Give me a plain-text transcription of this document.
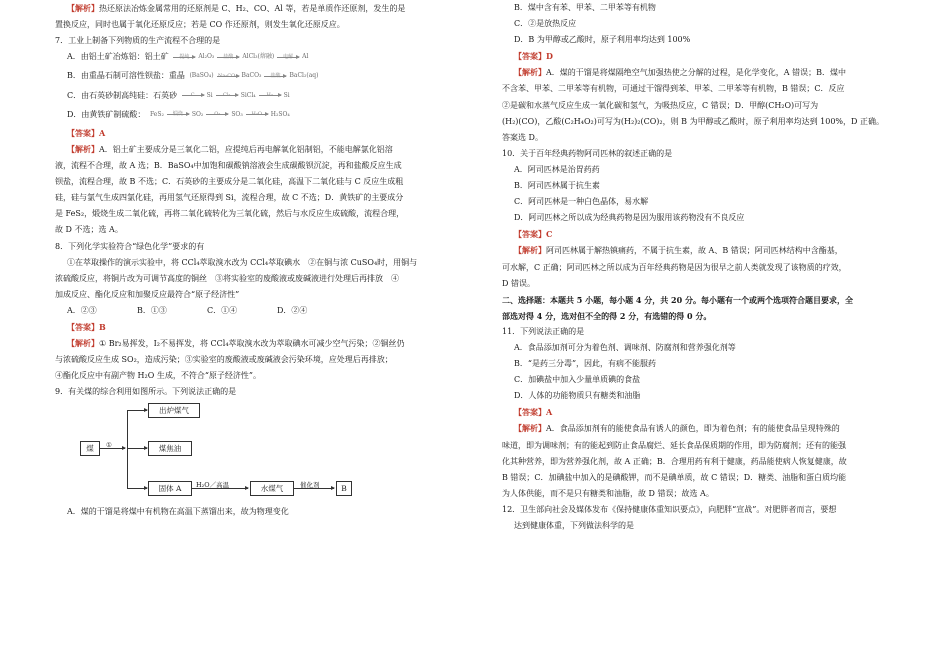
【解析】热还原法冶炼金属常用的还原剂是 C、H₂、CO、Al 等，若是单质作还原剂，发生的是
置换反应，同时也属于氧化还原反应；若是 CO 作还原剂，则发生氧化还原反应。
7．工业上制备下列物质的生产流程不合理的是
A．由铝土矿冶炼铝：铝土矿	提纯	Al₂O₃	盐酸	AlCl₃(熔融)	电解	Al
B．由重晶石制可溶性钡盐：重晶 (BaSO₄) Na₂CO₃ BaCO₃	盐酸	BaCl₂(aq)
C．由石英砂制高纯硅：石英砂	C	Si	Cl₂	SiCl₄	H₂	Si
D．由黄铁矿制硫酸： FeS₂	煅烧	SO₂	O₂	SO₃	H₂O	H₂SO₄
【答案】A
【解析】A．铝土矿主要成分是三氧化二铝，应提纯后再电解氧化铝制铝，不能电解氯化铝溶
液，流程不合理，故 A 选；B．BaSO₄中加饱和碳酸钠溶液会生成碳酸钡沉淀，再和盐酸反应生成
钡盐，流程合理，故 B 不选；C．石英砂的主要成分是二氧化硅，高温下二氧化硅与 C 反应生成粗
硅，硅与氯气生成四氯化硅，再用氢气还原得到 Si，流程合理，故 C 不选；D．黄铁矿的主要成分
是 FeS₂，煅烧生成二氧化硫，再将二氧化硫转化为三氧化硫，然后与水反应生成硫酸，流程合理，
故 D 不选；选 A。
8．下列化学实验符合“绿色化学”要求的有
①在萃取操作的演示实验中，将 CCl₄萃取溴水改为 CCl₄萃取碘水　②在铜与浓 CuSO₄时，用铜与
浓硫酸反应，将铜片改为可调节高度的铜丝　③将实验室的废酸液或废碱液进行处理后再排放　④
加成反应、酯化反应和加聚反应最符合“原子经济性”
A．②③	B．①③	C．①④	D．②④
【答案】B
【解析】① Br₂易挥发，I₂不易挥发，将 CCl₄萃取溴水改为萃取碘水可减少空气污染；②铜丝仍
与浓硫酸反应生成 SO₂，造成污染；③实验室的废酸液或废碱液会污染环境，应处理后再排放；
④酯化反应中有副产物 H₂O 生成，不符合“原子经济性”。
9．有关煤的综合利用如图所示。下列说法正确的是
煤	①
出炉煤气
煤焦油
固体 A	H₂O／高温	水煤气	催化剂	B
A．煤的干馏是将煤中有机物在高温下蒸馏出来，故为物理变化
B．煤中含有苯、甲苯、二甲苯等有机物
C．②是放热反应
D．B 为甲醇或乙酸时，原子利用率均达到 100%
【答案】D
【解析】A．煤的干馏是将煤隔绝空气加强热使之分解的过程，是化学变化，A 错误；B．煤中
不含苯、甲苯、二甲苯等有机物，可通过干馏得到苯、甲苯、二甲苯等有机物，B 错误；C．反应
②是碳和水蒸气反应生成一氧化碳和氢气，为吸热反应，C 错误；D．甲醇(CH₂O)可写为
(H₂)(CO)，乙酸(C₂H₄O₂)可写为(H₂)₂(CO)₂，则 B 为甲醇或乙酸时，原子利用率均达到 100%，D 正确。
答案选 D。
10．关于百年经典药物阿司匹林的叙述正确的是
A．阿司匹林是治胃药药
B．阿司匹林属于抗生素
C．阿司匹林是一种白色晶体，易水解
D．阿司匹林之所以成为经典药物是因为服用该药物没有不良反应
【答案】C
【解析】阿司匹林属于解热镇痛药，不属于抗生素，故 A、B 错误；阿司匹林结构中含酯基，
可水解，C 正确；阿司匹林之所以成为百年经典药物是因为很早之前人类就发现了该物质的疗效，
D 错误。
二、选择题：本题共 5 小题，每小题 4 分，共 20 分。每小题有一个或两个选项符合题目要求，全
部选对得 4 分，选对但不全的得 2 分，有选错的得 0 分。
11．下列说法正确的是
A．食品添加剂可分为着色剂、调味剂、防腐剂和营养强化剂等
B．“是药三分毒”，因此，有病不能服药
C．加碘盐中加入少量单质碘的食盐
D．人体的功能物质只有糖类和油脂
【答案】A
【解析】A．食品添加剂有的能使食品有诱人的颜色，即为着色剂；有的能使食品呈现特殊的
味道，即为调味剂；有的能起到防止食品腐烂、延长食品保质期的作用，即为防腐剂；还有的能强
化其种营养，即为营养强化剂，故 A 正确；B．合理用药有利于健康，药品能使病人恢复健康，故
B 错误；C．加碘盐中加入的是碘酸钾，而不是碘单质，故 C 错误；D．糖类、油脂和蛋白质均能
为人体供能，而不是只有糖类和油脂，故 D 错误；故选 A。
12．卫生部向社会及媒体发布《保持健康体重知识要点》，向肥胖“宣战”。对肥胖者而言，要想
达到健康体重，下列做法科学的是
